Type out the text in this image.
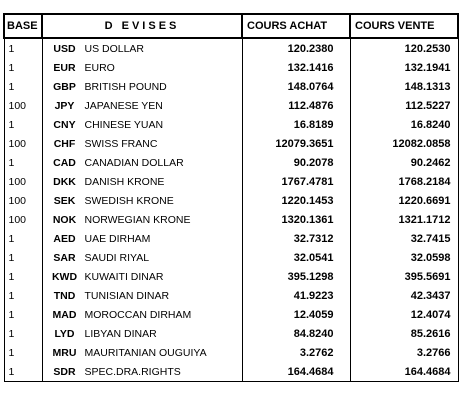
BASE	D EVISES	COURS ACHAT	COURS VENTE
1	USD US DOLLAR	120.2380	120.2530
1	EUR EURO	132.1416	132.1941
1	GBP BRITISH POUND	148.0764	148.1313
100	JPY JAPANESE YEN	112.4876	112.5227
1	CNY CHINESE YUAN	16.8189	16.8240
100	CHF SWISS FRANC	12079.3651	12082.0858
1	CAD CANADIAN DOLLAR	90.2078	90.2462
100	DKK DANISH KRONE	1767.4781	1768.2184
100	SEK SWEDISH KRONE	1220.1453	1220.6691
100	NOK NORWEGIAN KRONE	1320.1361	1321.1712
1	AED UAE DIRHAM	32.7312	32.7415
1	SAR SAUDI RIYAL	32.0541	32.0598
1	KWD KUWAITI DINAR	395.1298	395.5691
1	TND TUNISIAN DINAR	41.9223	42.3437
1	MAD MOROCCAN DIRHAM	12.4059	12.4074
1	LYD LIBYAN DINAR	84.8240	85.2616
1	MRU MAURITANIAN OUGUIYA	3.2762	3.2766
1	SDR SPEC.DRA.RIGHTS	164.4684	164.4684
